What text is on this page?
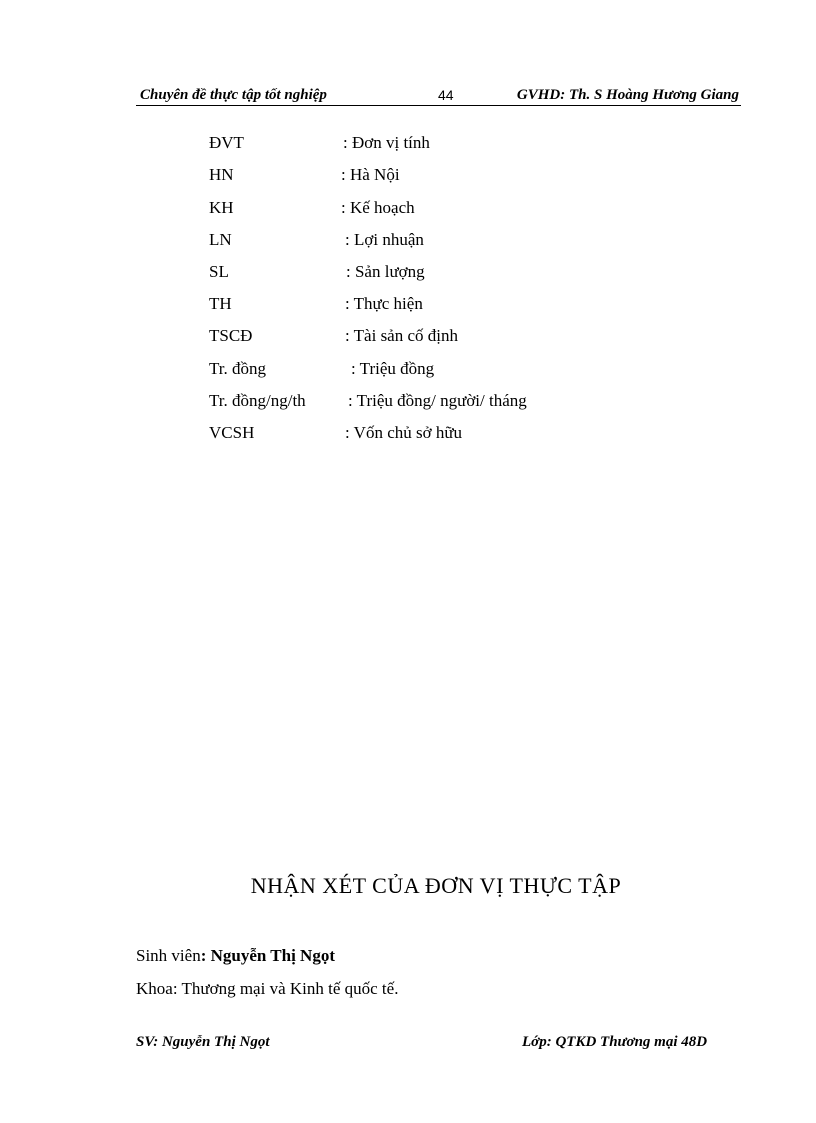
Chuyên đề thực tập tốt nghiệp	44	GVHD: Th. S Hoàng Hương Giang
ĐVT	: Đơn vị tính
HN	: Hà Nội
KH	: Kế hoạch
LN	: Lợi nhuận
SL	: Sản lượng
TH	: Thực hiện
TSCĐ	: Tài sản cố định
Tr. đồng	: Triệu đồng
Tr. đồng/ng/th : Triệu đồng/ người/ tháng
VCSH	: Vốn chủ sở hữu
NHẬN XÉT CỦA ĐƠN VỊ THỰC TẬP
Sinh viên: Nguyễn Thị Ngọt
Khoa: Thương mại và Kinh tế quốc tế.
SV: Nguyễn Thị Ngọt	Lớp: QTKD Thương mại 48D
